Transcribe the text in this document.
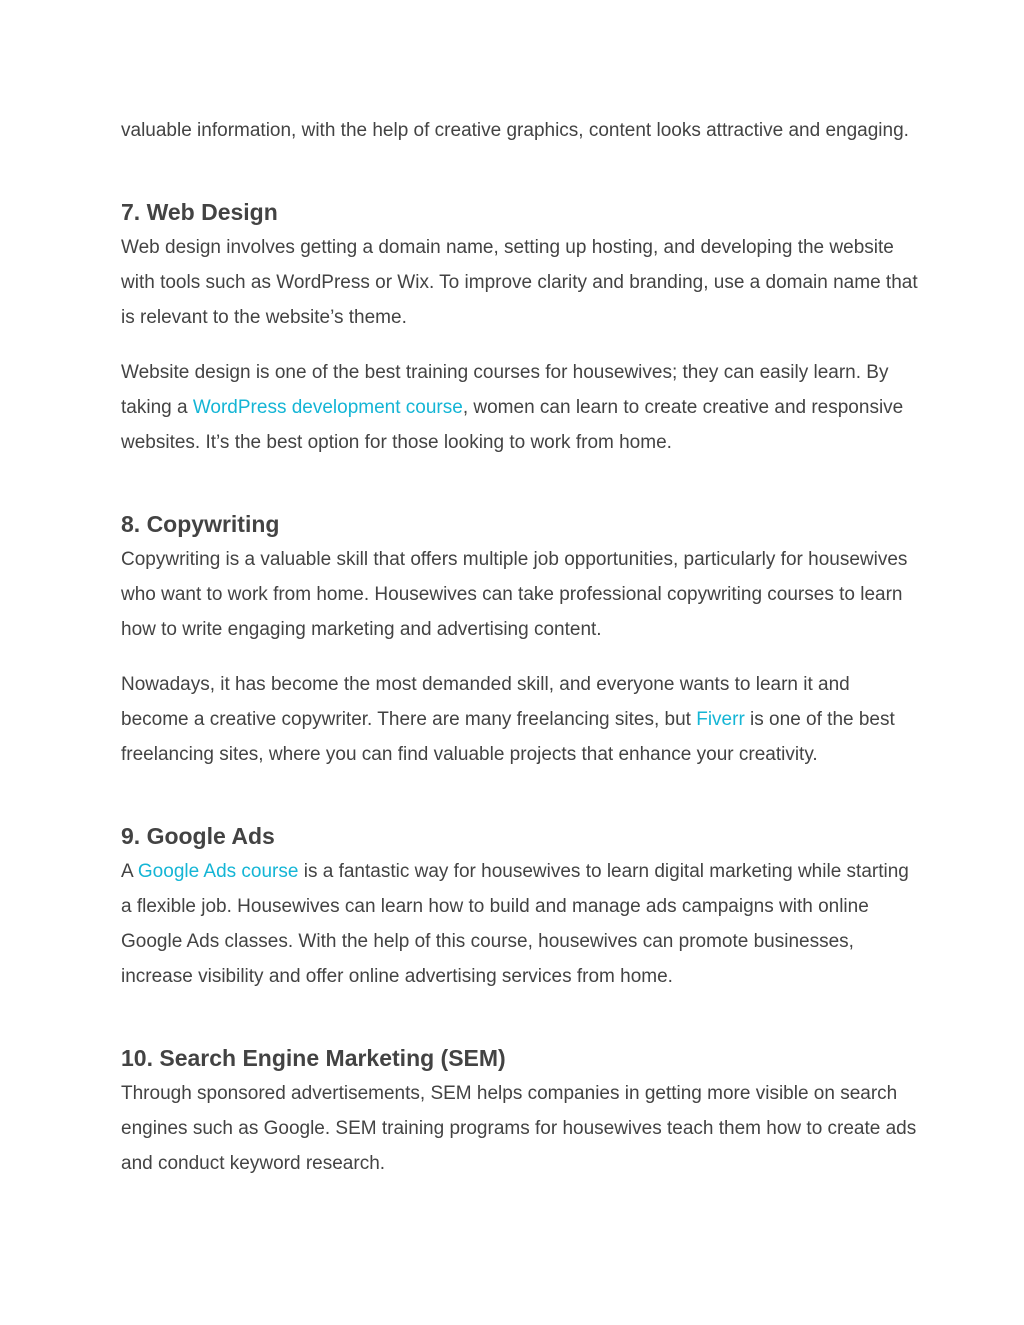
valuable information, with the help of creative graphics, content looks attractive and engaging.

7. Web Design

Web design involves getting a domain name, setting up hosting, and developing the website with tools such as WordPress or Wix. To improve clarity and branding, use a domain name that is relevant to the website’s theme.

Website design is one of the best training courses for housewives; they can easily learn. By taking a WordPress development course, women can learn to create creative and responsive websites. It’s the best option for those looking to work from home.

8. Copywriting

Copywriting is a valuable skill that offers multiple job opportunities, particularly for housewives who want to work from home. Housewives can take professional copywriting courses to learn how to write engaging marketing and advertising content.

Nowadays, it has become the most demanded skill, and everyone wants to learn it and become a creative copywriter. There are many freelancing sites, but Fiverr is one of the best freelancing sites, where you can find valuable projects that enhance your creativity.

9. Google Ads

A Google Ads course is a fantastic way for housewives to learn digital marketing while starting a flexible job. Housewives can learn how to build and manage ads campaigns with online Google Ads classes. With the help of this course, housewives can promote businesses, increase visibility and offer online advertising services from home.

10. Search Engine Marketing (SEM)

Through sponsored advertisements, SEM helps companies in getting more visible on search engines such as Google. SEM training programs for housewives teach them how to create ads and conduct keyword research.
